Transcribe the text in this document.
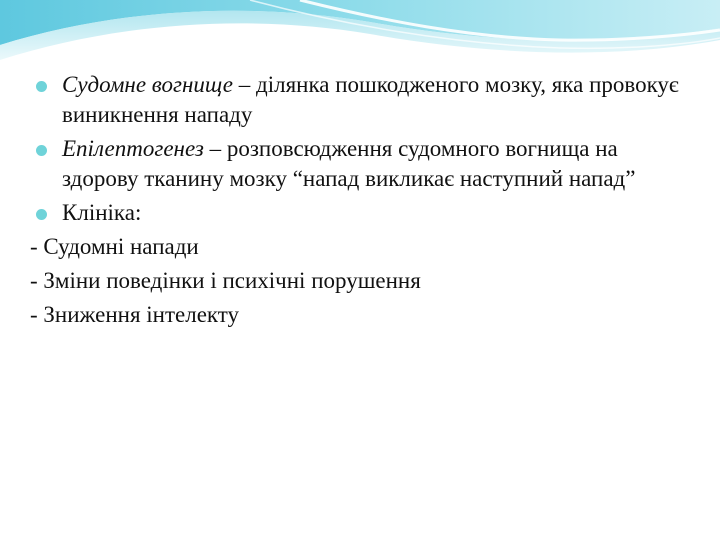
Судомне вогнище – ділянка пошкодженого мозку, яка провокує виникнення нападу
Епілептогенез – розповсюдження судомного вогнища на здорову тканину мозку “напад викликає наступний напад”
Клініка:
- Судомні напади
- Зміни поведінки і психічні порушення
- Зниження інтелекту
